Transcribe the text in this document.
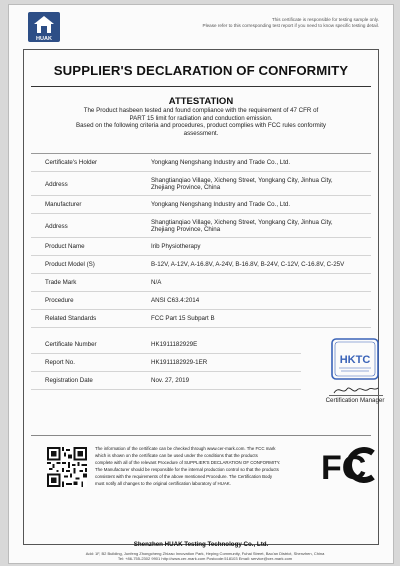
HUAK
This certificate is responsible for testing sample only.
Please refer to this corresponding test report if you need to know specific testing detail.
SUPPLIER'S DECLARATION OF CONFORMITY
ATTESTATION
The Product hasbeen tested and found compliance with the requirement of 47 CFR of
PART 15 limit for radiation and conduction emission.
Based on the following criteria and procedures, product complies with FCC rules conformity
assessment.
Certificate's Holder	Yongkang Nengshang Industry and Trade Co., Ltd.
Address
Shangtianqiao Village, Xicheng Street, Yongkang City, Jinhua City,
Zhejiang Province, China
Manufacturer	Yongkang Nengshang Industry and Trade Co., Ltd.
Address
Shangtianqiao Village, Xicheng Street, Yongkang City, Jinhua City,
Zhejiang Province, China
Product Name	Irib Physiotherapy
Product Model (S)	B-12V, A-12V, A-16.8V, A-24V, B-16.8V, B-24V, C-12V, C-16.8V, C-25V
Trade Mark	N/A
Procedure	ANSI C63.4:2014
Related Standards	FCC Part 15 Subpart B
Certificate Number	HK1911182929E
Report No.	HK1911182929-1ER
Registration Date	Nov. 27, 2019
HKTC
Certification Manager
The information of the certificate can be checked through www.cer-mark.com. The FCC mark
which is shown on the certificate can be used under the conditions that the products
complete with all of the relevant Procedure of SUPPLIER'S DECLARATION OF CONFORMITY.
The Manufacturer should be responsible for the internal production control so that the products
consistent with the requirements of the above mentioned Procedure. The Certification Body
must notify all changes to the original certification laboratory of HUAK.	FC
Shenzhen HUAK Testing Technology Co., Ltd.
Add: 1F, B2 Building, Junfeng Zhongcheng Zhizao Innovation Park, Heping Community, Fuhai Street, Bao'an District, Shenzhen, China
Tel: +86-755-2302 9901 http://www.cer-mark.com Postcode:518103 Email: service@cer-mark.com
